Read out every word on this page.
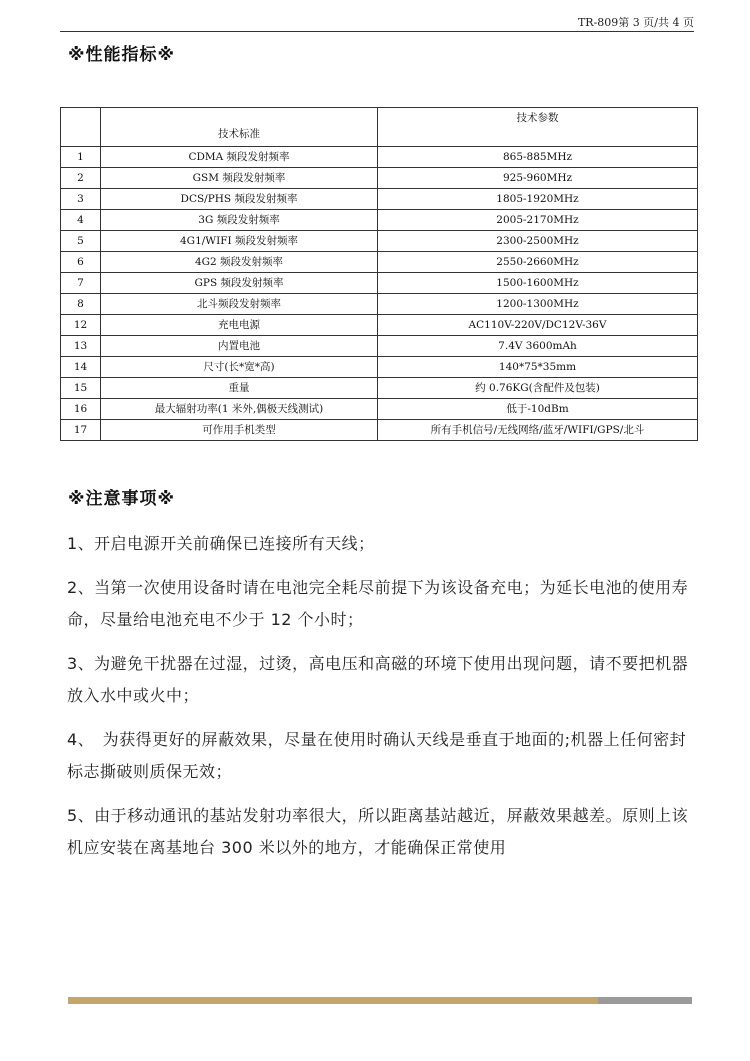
TR-809第 3 页/共 4 页
※性能指标※
	技术标准	技术参数
1	CDMA 频段发射频率	865-885MHz
2	GSM 频段发射频率	925-960MHz
3	DCS/PHS 频段发射频率	1805-1920MHz
4	3G 频段发射频率	2005-2170MHz
5	4G1/WIFI 频段发射频率	2300-2500MHz
6	4G2 频段发射频率	2550-2660MHz
7	GPS 频段发射频率	1500-1600MHz
8	北斗频段发射频率	1200-1300MHz
12	充电电源	AC110V-220V/DC12V-36V
13	内置电池	7.4V 3600mAh
14	尺寸(长*宽*高)	140*75*35mm
15	重量	约 0.76KG(含配件及包装)
16	最大辐射功率(1 米外,偶极天线测试)	低于-10dBm
17	可作用手机类型	所有手机信号/无线网络/蓝牙/WIFI/GPS/北斗
※注意事项※

1、开启电源开关前确保已连接所有天线；

2、当第一次使用设备时请在电池完全耗尽前提下为该设备充电；为延长电池的使用寿命，尽量给电池充电不少于 12 个小时；

3、为避免干扰器在过湿，过烫，高电压和高磁的环境下使用出现问题，请不要把机器放入水中或火中；

4、　为获得更好的屏蔽效果，尽量在使用时确认天线是垂直于地面的;机器上任何密封标志撕破则质保无效；

5、由于移动通讯的基站发射功率很大，所以距离基站越近，屏蔽效果越差。原则上该机应安装在离基地台 300 米以外的地方，才能确保正常使用
